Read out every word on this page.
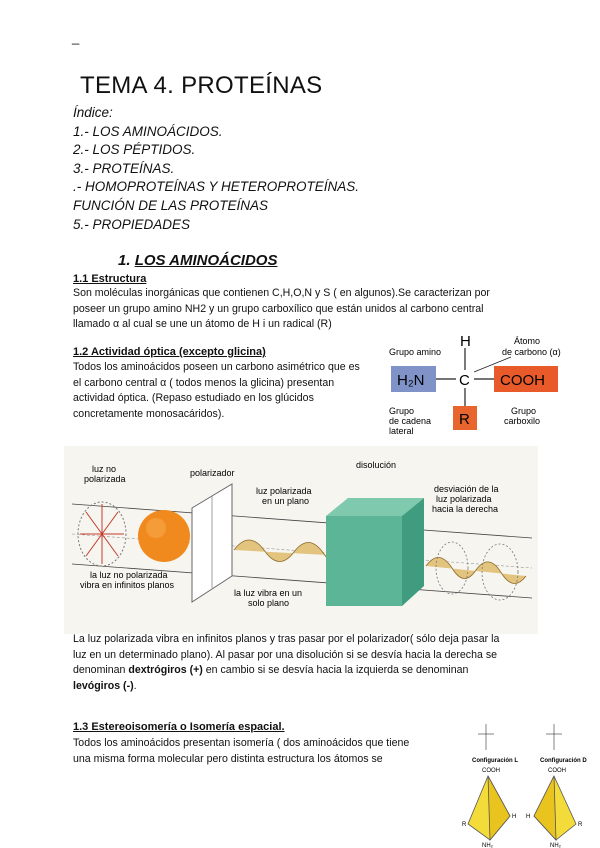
_
TEMA 4. PROTEÍNAS
Índice:
1.- LOS AMINOÁCIDOS.
2.- LOS PÉPTIDOS.
3.- PROTEÍNAS.
.- HOMOPROTEÍNAS Y HETEROPROTEÍNAS.
FUNCIÓN DE LAS PROTEÍNAS
5.- PROPIEDADES
1. LOS AMINOÁCIDOS
1.1 Estructura
Son moléculas inorgánicas que contienen C,H,O,N y S ( en algunos).Se caracterizan por
poseer un grupo amino NH2 y un grupo carboxílico que están unidos al carbono central
llamado α al cual se une un átomo de H i un radical (R)
1.2 Actividad óptica (excepto glicina)
Todos los aminoácidos poseen un carbono asimétrico que es
el carbono central α ( todos menos la glicina) presentan
actividad óptica. (Repaso estudiado en los glúcidos
concretamente monosacáridos).
Grupo amino
Átomo
de carbono (α)
H
H₂N C COOH
R
Grupo
de cadena
lateral
Grupo
carboxilo
luz no
polarizada
polarizador
luz polarizada
en un plano
disolución
desviación de la
luz polarizada
hacia la derecha
la luz no polarizada
vibra en infinitos planos
la luz vibra en un
solo plano
La luz polarizada vibra en infinitos planos y tras pasar por el polarizador( sólo deja pasar la
luz en un determinado plano). Al pasar por una disolución si se desvía hacia la derecha se
denominan dextrógiros (+) en cambio si se desvía hacia la izquierda se denominan
levógiros (-).
1.3 Estereoisomería o Isomería espacial.
Todos los aminoácidos presentan isomería ( dos aminoácidos que tiene
una misma forma molecular pero distinta estructura los átomos se	Configuración L	Configuración D
COOH
R
H
NH₂
COOH
H
R
NH₂
